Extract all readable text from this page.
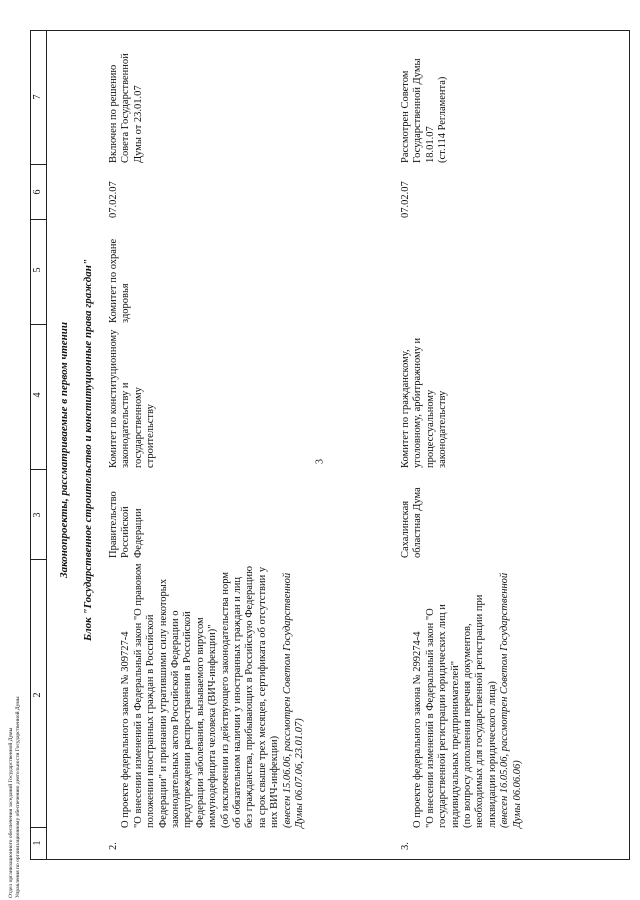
3
1
2
3
4
5
6
7
Законопроекты, рассматриваемые в первом чтении Блок "Государственное строительство и конституционные права граждан"
2.

О проекте федерального закона № 309727-4
"О внесении изменений в Федеральный закон "О правовом положении иностранных граждан в Российской Федерации" и признании утратившими силу некоторых законодательных актов Российской Федерации о предупреждении распространения в Российской Федерации заболевания, вызываемого вирусом иммунодефицита человека (ВИЧ-инфекции)"
(об исключении из действующего законодательства норм об обязательном наличии у иностранных граждан и лиц без гражданства, прибывающих в Российскую Федерацию на срок свыше трех месяцев, сертификата об отсутствии у них ВИЧ-инфекции) (внесен 15.06.06, рассмотрен Советом Государственной Думы 06.07.06, 23.01.07)

Правительство Российской Федерации
Комитет по конституционному законодательству и государственному строительству
Комитет по охране здоровья
07.02.07
Включен по решению Совета Государственной Думы от 23.01.07
3.

О проекте федерального закона № 299274-4
"О внесении изменений в Федеральный закон "О государственной регистрации юридических лиц и индивидуальных предпринимателей"
(по вопросу дополнения перечня документов, необходимых для государственной регистрации при ликвидации юридического лица) (внесен 16.05.06, рассмотрен Советом Государственной Думы 06.06.06)

Сахалинская областная Дума
Комитет по гражданскому, уголовному, арбитражному и процессуальному законодательству
07.02.07
Рассмотрен Советом Государственной Думы 18.01.07
(ст.114 Регламента)
Отдел организационного обеспечения заседаний Государственной Думы Управления по организационному обеспечению деятельности Государственной Думы
